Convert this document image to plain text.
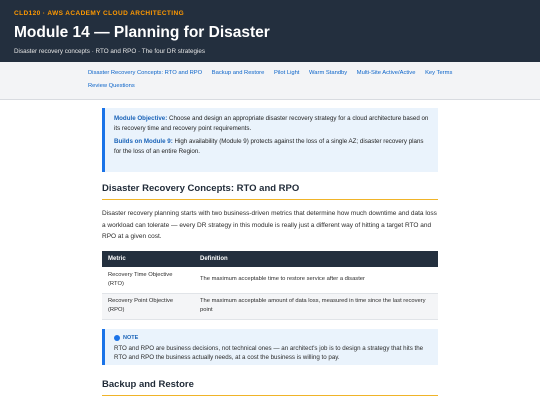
CLD120 · AWS ACADEMY CLOUD ARCHITECTING
Module 14 — Planning for Disaster
Disaster recovery concepts · RTO and RPO · The four DR strategies
Disaster Recovery Concepts: RTO and RPO Backup and Restore Pilot Light Warm Standby Multi-Site Active/Active Key Terms
Review Questions

Module Objective: Choose and design an appropriate disaster recovery strategy for a cloud architecture based on its recovery time and recovery point requirements.

Builds on Module 9: High availability (Module 9) protects against the loss of a single AZ; disaster recovery plans for the loss of an entire Region.

Disaster Recovery Concepts: RTO and RPO

Disaster recovery planning starts with two business-driven metrics that determine how much downtime and data loss a workload can tolerate — every DR strategy in this module is really just a different way of hitting a target RTO and RPO at a given cost.

Metric	Definition
Recovery Time Objective (RTO)	The maximum acceptable time to restore service after a disaster
Recovery Point Objective (RPO)	The maximum acceptable amount of data loss, measured in time since the last recovery point
NOTE

RTO and RPO are business decisions, not technical ones — an architect's job is to design a strategy that hits the RTO and RPO the business actually needs, at a cost the business is willing to pay.

Backup and Restore
